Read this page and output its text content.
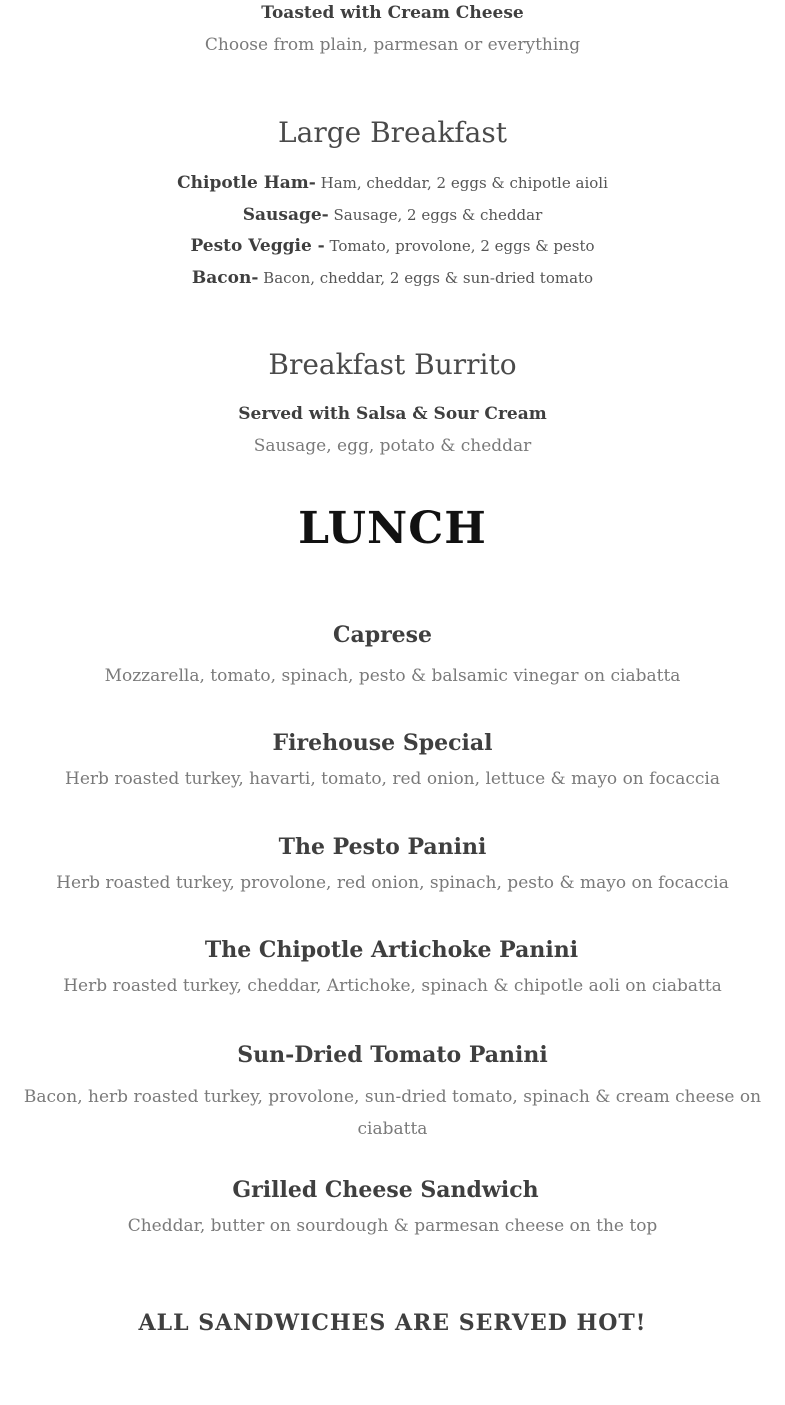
Toasted with Cream Cheese
Choose from plain, parmesan or everything
Large Breakfast
Chipotle Ham- Ham, cheddar, 2 eggs & chipotle aioli
Sausage- Sausage, 2 eggs & cheddar
Pesto Veggie - Tomato, provolone, 2 eggs & pesto
Bacon- Bacon, cheddar, 2 eggs & sun-dried tomato
Breakfast Burrito
Served with Salsa & Sour Cream
Sausage, egg, potato & cheddar
LUNCH
Caprese
Mozzarella, tomato, spinach, pesto & balsamic vinegar on ciabatta
Firehouse Special
Herb roasted turkey, havarti, tomato, red onion, lettuce & mayo on focaccia
The Pesto Panini
Herb roasted turkey, provolone, red onion, spinach, pesto & mayo on focaccia
The Chipotle Artichoke Panini
Herb roasted turkey, cheddar, Artichoke, spinach & chipotle aoli on ciabatta
Sun-Dried Tomato Panini
Bacon, herb roasted turkey, provolone, sun-dried tomato, spinach & cream cheese on ciabatta
Grilled Cheese Sandwich
Cheddar, butter on sourdough & parmesan cheese on the top
ALL SANDWICHES ARE SERVED HOT!
